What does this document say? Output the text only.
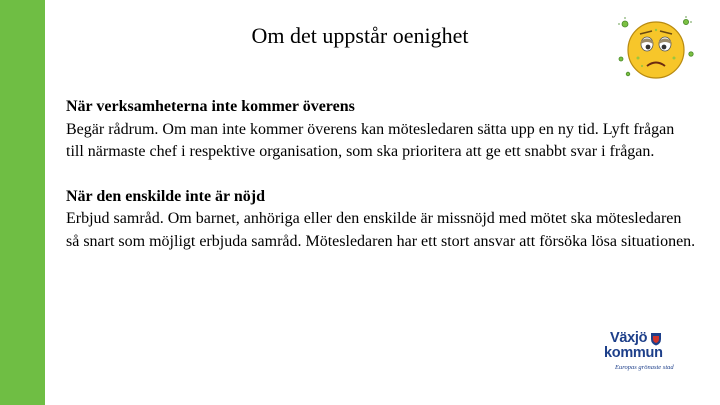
Om det uppstår oenighet
När verksamheterna inte kommer överens
Begär rådrum. Om man inte kommer överens kan mötesledaren sätta upp en ny tid. Lyft frågan till närmaste chef i respektive organisation, som ska prioritera att ge ett snabbt svar i frågan.
När den enskilde inte är nöjd
Erbjud samråd. Om barnet, anhöriga eller den enskilde är missnöjd med mötet ska mötesledaren så snart som möjligt erbjuda samråd. Mötesledaren har ett stort ansvar att försöka lösa situationen.
Växjö
kommun
Europas grönaste stad
